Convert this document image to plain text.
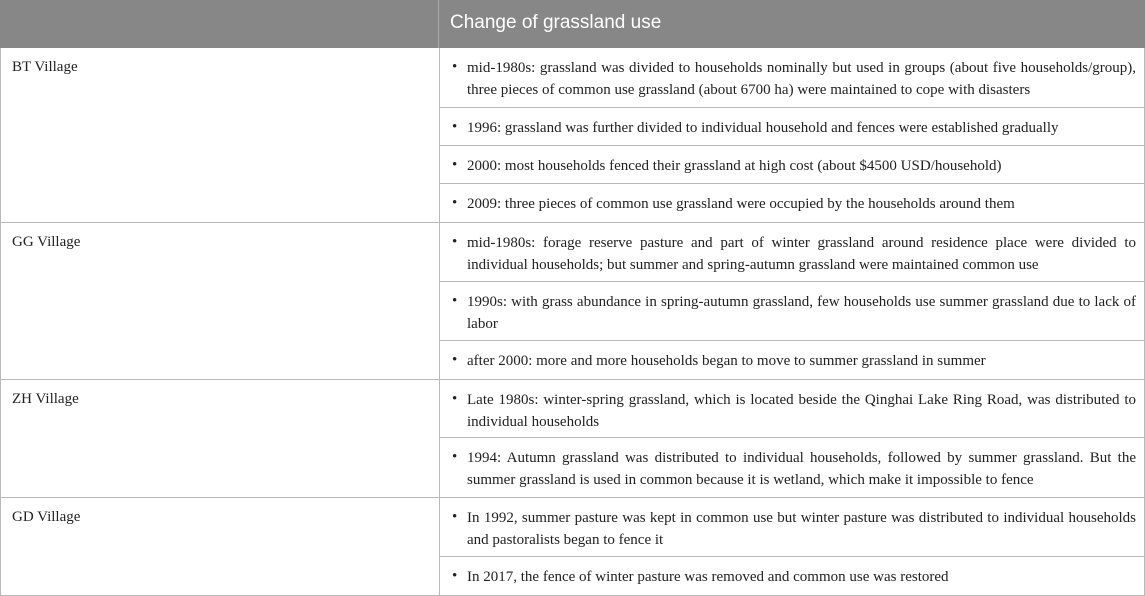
Change of grassland use
BT Village	• mid-1980s: grassland was divided to households nominally but used in groups (about five households/group), three pieces of common use grassland (about 6700 ha) were maintained to cope with disasters
• 1996: grassland was further divided to individual household and fences were established gradually
• 2000: most households fenced their grassland at high cost (about $4500 USD/household)
• 2009: three pieces of common use grassland were occupied by the households around them
GG Village	• mid-1980s: forage reserve pasture and part of winter grassland around residence place were divided to individual households; but summer and spring-autumn grassland were maintained common use
• 1990s: with grass abundance in spring-autumn grassland, few households use summer grassland due to lack of labor
• after 2000: more and more households began to move to summer grassland in summer
ZH Village	• Late 1980s: winter-spring grassland, which is located beside the Qinghai Lake Ring Road, was distributed to individual households
• 1994: Autumn grassland was distributed to individual households, followed by summer grassland. But the summer grassland is used in common because it is wetland, which make it impossible to fence
GD Village	• In 1992, summer pasture was kept in common use but winter pasture was distributed to individual households and pastoralists began to fence it
• In 2017, the fence of winter pasture was removed and common use was restored
